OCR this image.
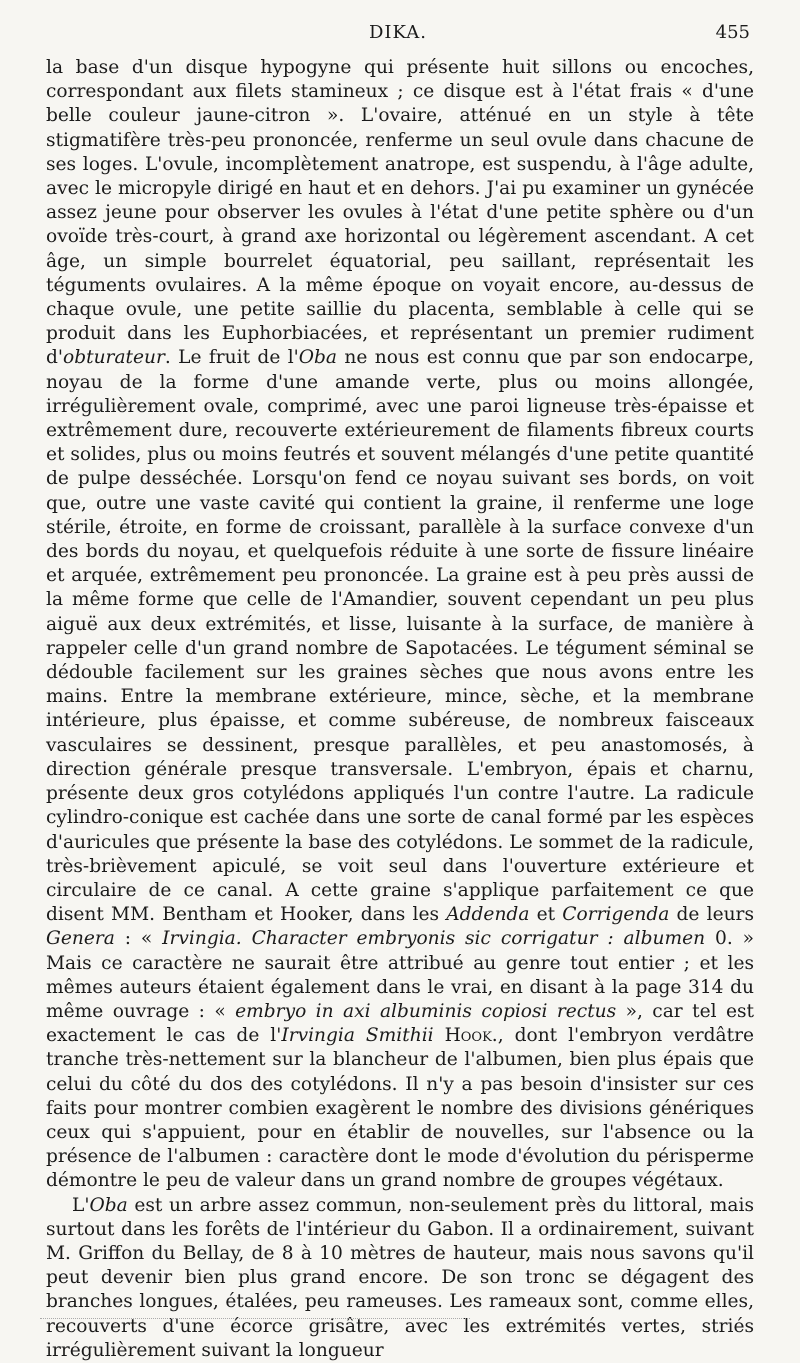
DIKA.	455

la base d'un disque hypogyne qui présente huit sillons ou encoches, correspondant aux filets stamineux ; ce disque est à l'état frais « d'une belle couleur jaune-citron ». L'ovaire, atténué en un style à tête stigmatifère très-peu prononcée, renferme un seul ovule dans chacune de ses loges. L'ovule, incomplètement anatrope, est suspendu, à l'âge adulte, avec le micropyle dirigé en haut et en dehors. J'ai pu examiner un gynécée assez jeune pour observer les ovules à l'état d'une petite sphère ou d'un ovoïde très-court, à grand axe horizontal ou légèrement ascendant. A cet âge, un simple bourrelet équatorial, peu saillant, représentait les téguments ovulaires. A la même époque on voyait encore, au-dessus de chaque ovule, une petite saillie du placenta, semblable à celle qui se produit dans les Euphorbiacées, et représentant un premier rudiment d'obturateur. Le fruit de l'Oba ne nous est connu que par son endocarpe, noyau de la forme d'une amande verte, plus ou moins allongée, irrégulièrement ovale, comprimé, avec une paroi ligneuse très-épaisse et extrêmement dure, recouverte extérieurement de filaments fibreux courts et solides, plus ou moins feutrés et souvent mélangés d'une petite quantité de pulpe desséchée. Lorsqu'on fend ce noyau suivant ses bords, on voit que, outre une vaste cavité qui contient la graine, il renferme une loge stérile, étroite, en forme de croissant, parallèle à la surface convexe d'un des bords du noyau, et quelquefois réduite à une sorte de fissure linéaire et arquée, extrêmement peu prononcée. La graine est à peu près aussi de la même forme que celle de l'Amandier, souvent cependant un peu plus aiguë aux deux extrémités, et lisse, luisante à la surface, de manière à rappeler celle d'un grand nombre de Sapotacées. Le tégument séminal se dédouble facilement sur les graines sèches que nous avons entre les mains. Entre la membrane extérieure, mince, sèche, et la membrane intérieure, plus épaisse, et comme subéreuse, de nombreux faisceaux vasculaires se dessinent, presque parallèles, et peu anastomosés, à direction générale presque transversale. L'embryon, épais et charnu, présente deux gros cotylédons appliqués l'un contre l'autre. La radicule cylindro-conique est cachée dans une sorte de canal formé par les espèces d'auricules que présente la base des cotylédons. Le sommet de la radicule, très-brièvement apiculé, se voit seul dans l'ouverture extérieure et circulaire de ce canal. A cette graine s'applique parfaitement ce que disent MM. Bentham et Hooker, dans les Addenda et Corrigenda de leurs Genera : « Irvingia. Character embryonis sic corrigatur : albumen 0. » Mais ce caractère ne saurait être attribué au genre tout entier ; et les mêmes auteurs étaient également dans le vrai, en disant à la page 314 du même ouvrage : « embryo in axi albuminis copiosi rectus », car tel est exactement le cas de l'Irvingia Smithii Hook., dont l'embryon verdâtre tranche très-nettement sur la blancheur de l'albumen, bien plus épais que celui du côté du dos des cotylédons. Il n'y a pas besoin d'insister sur ces faits pour montrer combien exagèrent le nombre des divisions génériques ceux qui s'appuient, pour en établir de nouvelles, sur l'absence ou la présence de l'albumen : caractère dont le mode d'évolution du périsperme démontre le peu de valeur dans un grand nombre de groupes végétaux.

L'Oba est un arbre assez commun, non-seulement près du littoral, mais surtout dans les forêts de l'intérieur du Gabon. Il a ordinairement, suivant M. Griffon du Bellay, de 8 à 10 mètres de hauteur, mais nous savons qu'il peut devenir bien plus grand encore. De son tronc se dégagent des branches longues, étalées, peu rameuses. Les rameaux sont, comme elles, recouverts d'une écorce grisâtre, avec les extrémités vertes, striés irrégulièrement suivant la longueur
